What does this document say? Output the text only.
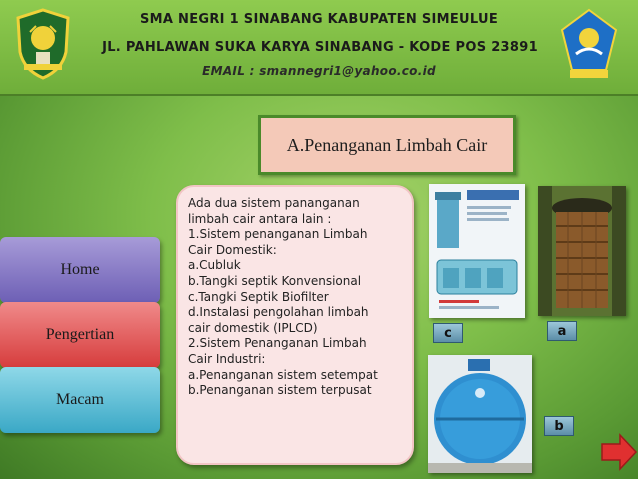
SMA NEGRI 1 SINABANG KABUPATEN SIMEULUE
JL. PAHLAWAN SUKA KARYA SINABANG - KODE POS 23891
EMAIL : smannegri1@yahoo.co.id
A.Penanganan Limbah Cair
Ada dua sistem pananganan
limbah cair antara lain :
1.Sistem penanganan Limbah
Cair Domestik:
a.Cubluk
b.Tangki septik Konvensional
c.Tangki Septik Biofilter
d.Instalasi pengolahan limbah
cair domestik (IPLCD)
2.Sistem Penanganan Limbah
Cair Industri:
a.Penanganan sistem setempat
b.Penanganan sistem terpusat
Home
Pengertian
Macam
c	a
b
